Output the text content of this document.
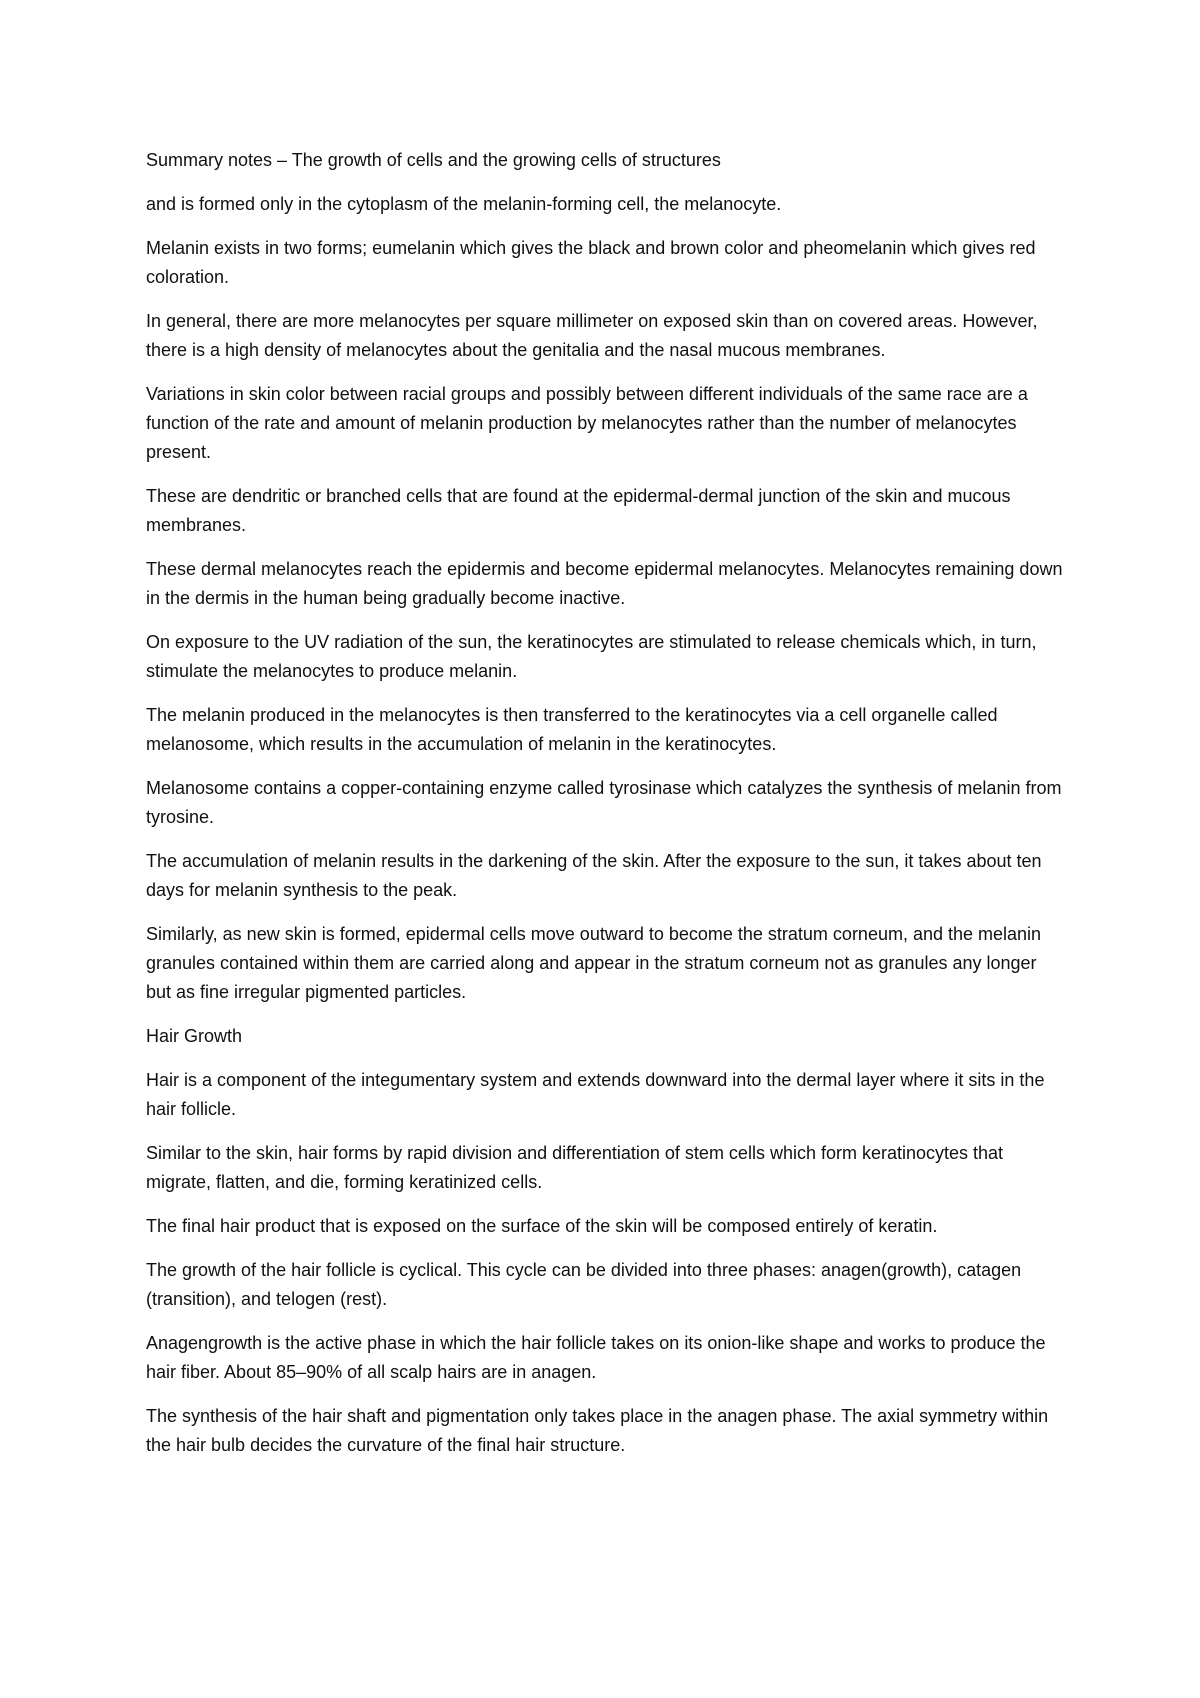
Summary notes – The growth of cells and the growing cells of structures

and is formed only in the cytoplasm of the melanin-forming cell, the melanocyte.

Melanin exists in two forms; eumelanin which gives the black and brown color and pheomelanin which gives red coloration.

In general, there are more melanocytes per square millimeter on exposed skin than on covered areas. However, there is a high density of melanocytes about the genitalia and the nasal mucous membranes.

Variations in skin color between racial groups and possibly between different individuals of the same race are a function of the rate and amount of melanin production by melanocytes rather than the number of melanocytes present.

These are dendritic or branched cells that are found at the epidermal-dermal junction of the skin and mucous membranes.

These dermal melanocytes reach the epidermis and become epidermal melanocytes. Melanocytes remaining down in the dermis in the human being gradually become inactive.

On exposure to the UV radiation of the sun, the keratinocytes are stimulated to release chemicals which, in turn, stimulate the melanocytes to produce melanin.

The melanin produced in the melanocytes is then transferred to the keratinocytes via a cell organelle called melanosome, which results in the accumulation of melanin in the keratinocytes.

Melanosome contains a copper-containing enzyme called tyrosinase which catalyzes the synthesis of melanin from tyrosine.

The accumulation of melanin results in the darkening of the skin. After the exposure to the sun, it takes about ten days for melanin synthesis to the peak.

Similarly, as new skin is formed, epidermal cells move outward to become the stratum corneum, and the melanin granules contained within them are carried along and appear in the stratum corneum not as granules any longer but as fine irregular pigmented particles.

Hair Growth

Hair is a component of the integumentary system and extends downward into the dermal layer where it sits in the hair follicle.

Similar to the skin, hair forms by rapid division and differentiation of stem cells which form keratinocytes that migrate, flatten, and die, forming keratinized cells.

The final hair product that is exposed on the surface of the skin will be composed entirely of keratin.

The growth of the hair follicle is cyclical. This cycle can be divided into three phases: anagen(growth), catagen (transition), and telogen (rest).

Anagengrowth is the active phase in which the hair follicle takes on its onion-like shape and works to produce the hair fiber. About 85–90% of all scalp hairs are in anagen.

The synthesis of the hair shaft and pigmentation only takes place in the anagen phase. The axial symmetry within the hair bulb decides the curvature of the final hair structure.
